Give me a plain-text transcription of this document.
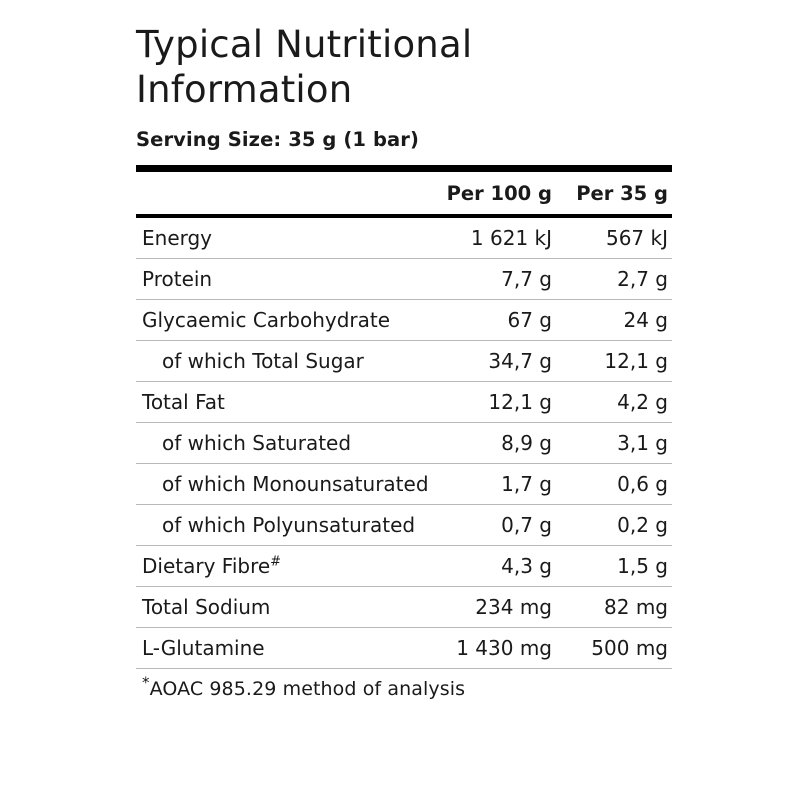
Typical Nutritional Information
Serving Size: 35 g (1 bar)
	Per 100 g	Per 35 g
Energy	1 621 kJ	567 kJ
Protein	7,7 g	2,7 g
Glycaemic Carbohydrate	67 g	24 g
of which Total Sugar	34,7 g	12,1 g
Total Fat	12,1 g	4,2 g
of which Saturated	8,9 g	3,1 g
of which Monounsaturated	1,7 g	0,6 g
of which Polyunsaturated	0,7 g	0,2 g
Dietary Fibre#	4,3 g	1,5 g
Total Sodium	234 mg	82 mg
L-Glutamine	1 430 mg	500 mg
*AOAC 985.29 method of analysis
